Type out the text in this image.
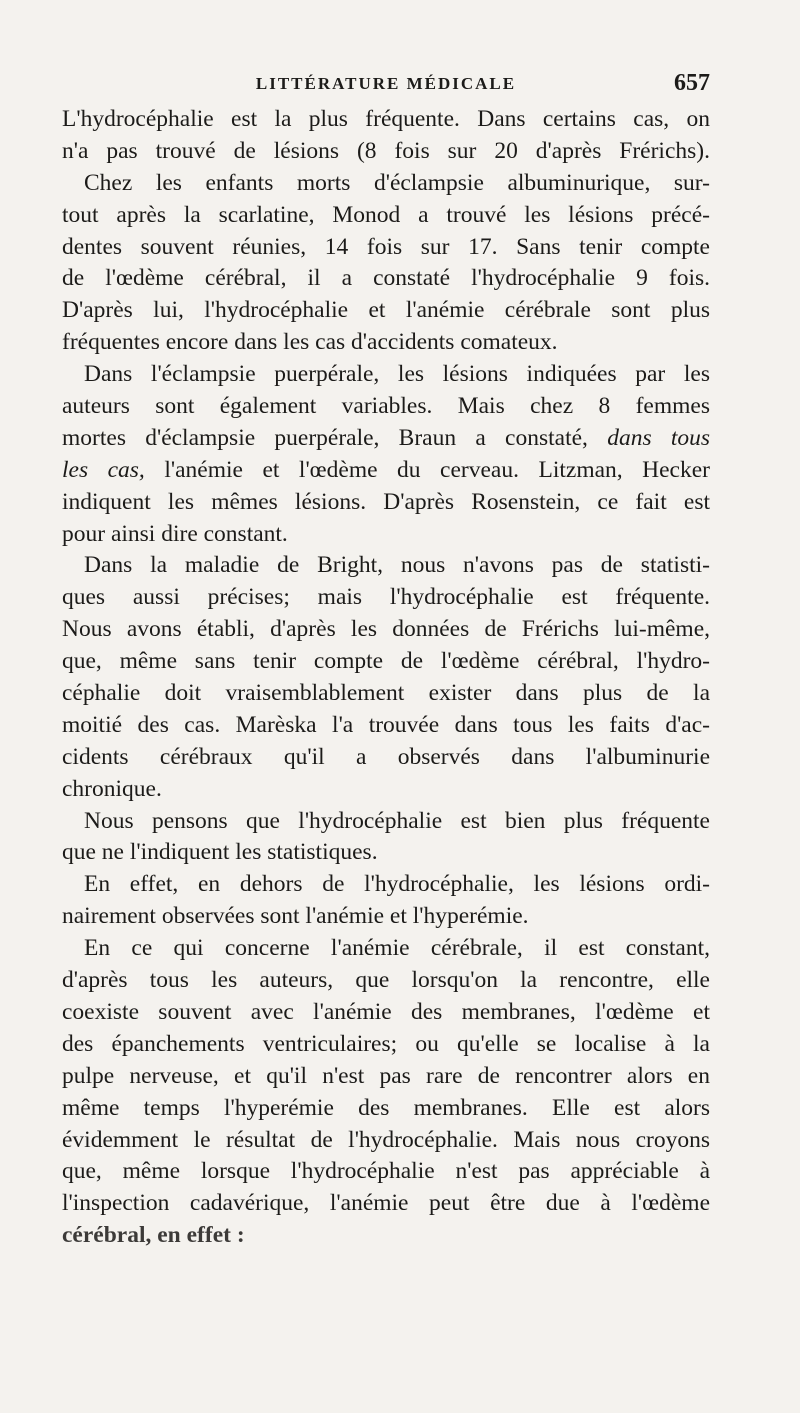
LITTÉRATURE MÉDICALE	657
L'hydrocéphalie est la plus fréquente. Dans certains cas, on
n'a pas trouvé de lésions (8 fois sur 20 d'après Frérichs).
Chez les enfants morts d'éclampsie albuminurique, sur-
tout après la scarlatine, Monod a trouvé les lésions précé-
dentes souvent réunies, 14 fois sur 17. Sans tenir compte
de l'œdème cérébral, il a constaté l'hydrocéphalie 9 fois.
D'après lui, l'hydrocéphalie et l'anémie cérébrale sont plus
fréquentes encore dans les cas d'accidents comateux.
Dans l'éclampsie puerpérale, les lésions indiquées par les
auteurs sont également variables. Mais chez 8 femmes
mortes d'éclampsie puerpérale, Braun a constaté, dans tous
les cas, l'anémie et l'œdème du cerveau. Litzman, Hecker
indiquent les mêmes lésions. D'après Rosenstein, ce fait est
pour ainsi dire constant.
Dans la maladie de Bright, nous n'avons pas de statisti-
ques aussi précises; mais l'hydrocéphalie est fréquente.
Nous avons établi, d'après les données de Frérichs lui-même,
que, même sans tenir compte de l'œdème cérébral, l'hydro-
céphalie doit vraisemblablement exister dans plus de la
moitié des cas. Marèska l'a trouvée dans tous les faits d'ac-
cidents cérébraux qu'il a observés dans l'albuminurie
chronique.
Nous pensons que l'hydrocéphalie est bien plus fréquente
que ne l'indiquent les statistiques.
En effet, en dehors de l'hydrocéphalie, les lésions ordi-
nairement observées sont l'anémie et l'hyperémie.
En ce qui concerne l'anémie cérébrale, il est constant,
d'après tous les auteurs, que lorsqu'on la rencontre, elle
coexiste souvent avec l'anémie des membranes, l'œdème et
des épanchements ventriculaires; ou qu'elle se localise à la
pulpe nerveuse, et qu'il n'est pas rare de rencontrer alors en
même temps l'hyperémie des membranes. Elle est alors
évidemment le résultat de l'hydrocéphalie. Mais nous croyons
que, même lorsque l'hydrocéphalie n'est pas appréciable à
l'inspection cadavérique, l'anémie peut être due à l'œdème
cérébral, en effet :
